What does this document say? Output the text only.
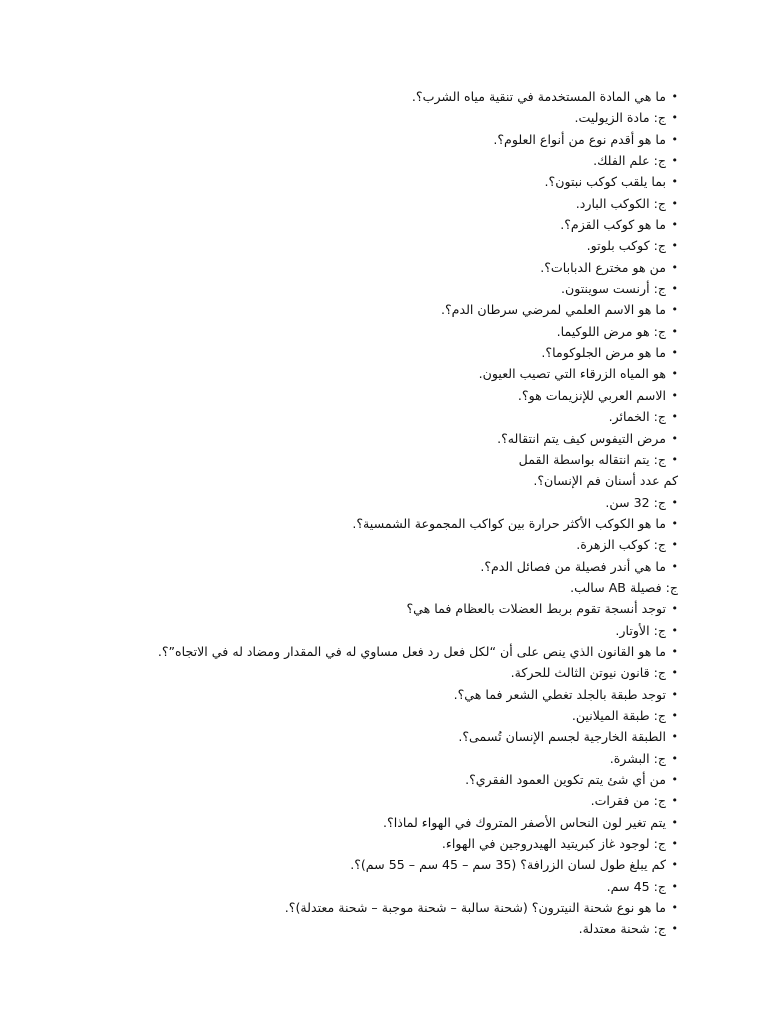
• ما هي المادة المستخدمة في تنقية مياه الشرب؟.
• ج: مادة الزيوليت.
• ما هو أقدم نوع من أنواع العلوم؟.
• ج: علم الفلك.
• بما يلقب كوكب نبتون؟.
• ج: الكوكب البارد.
• ما هو كوكب القزم؟.
• ج: كوكب بلوتو.
• من هو مخترع الدبابات؟.
• ج: أرنست سوينتون.
• ما هو الاسم العلمي لمرضي سرطان الدم؟.
• ج: هو مرض اللوكيما.
• ما هو مرض الجلوكوما؟.
• هو المياه الزرقاء التي تصيب العيون.
• الاسم العربي للإنزيمات هو؟.
• ج: الخمائر.
• مرض التيفوس كيف يتم انتقاله؟.
• ج: يتم انتقاله بواسطة القمل
كم عدد أسنان فم الإنسان؟.
• ج: 32 سن.
• ما هو الكوكب الأكثر حرارة بين كواكب المجموعة الشمسية؟.
• ج: كوكب الزهرة.
• ما هي أندر فصيلة من فصائل الدم؟.
ج: فصيلة AB سالب.
• توجد أنسجة تقوم بربط العضلات بالعظام فما هي؟
• ج: الأوتار.
• ما هو القانون الذي ينص على أن “لكل فعل رد فعل مساوي له في المقدار ومضاد له في الاتجاه”؟.
• ج: قانون نيوتن الثالث للحركة.
• توجد طبقة بالجلد تغطي الشعر فما هي؟.
• ج: طبقة الميلانين.
• الطبقة الخارجية لجسم الإنسان تُسمى؟.
• ج: البشرة.
• من أي شئ يتم تكوين العمود الفقري؟.
• ج: من فقرات.
• يتم تغير لون النحاس الأصفر المتروك في الهواء لماذا؟.
• ج: لوجود غاز كبريتيد الهيدروجين في الهواء.
• كم يبلغ طول لسان الزرافة؟ (35 سم – 45 سم – 55 سم)؟.
• ج: 45 سم.
• ما هو نوع شحنة النيترون؟ (شحنة سالبة – شحنة موجبة – شحنة معتدلة)؟.
• ج: شحنة معتدلة.
